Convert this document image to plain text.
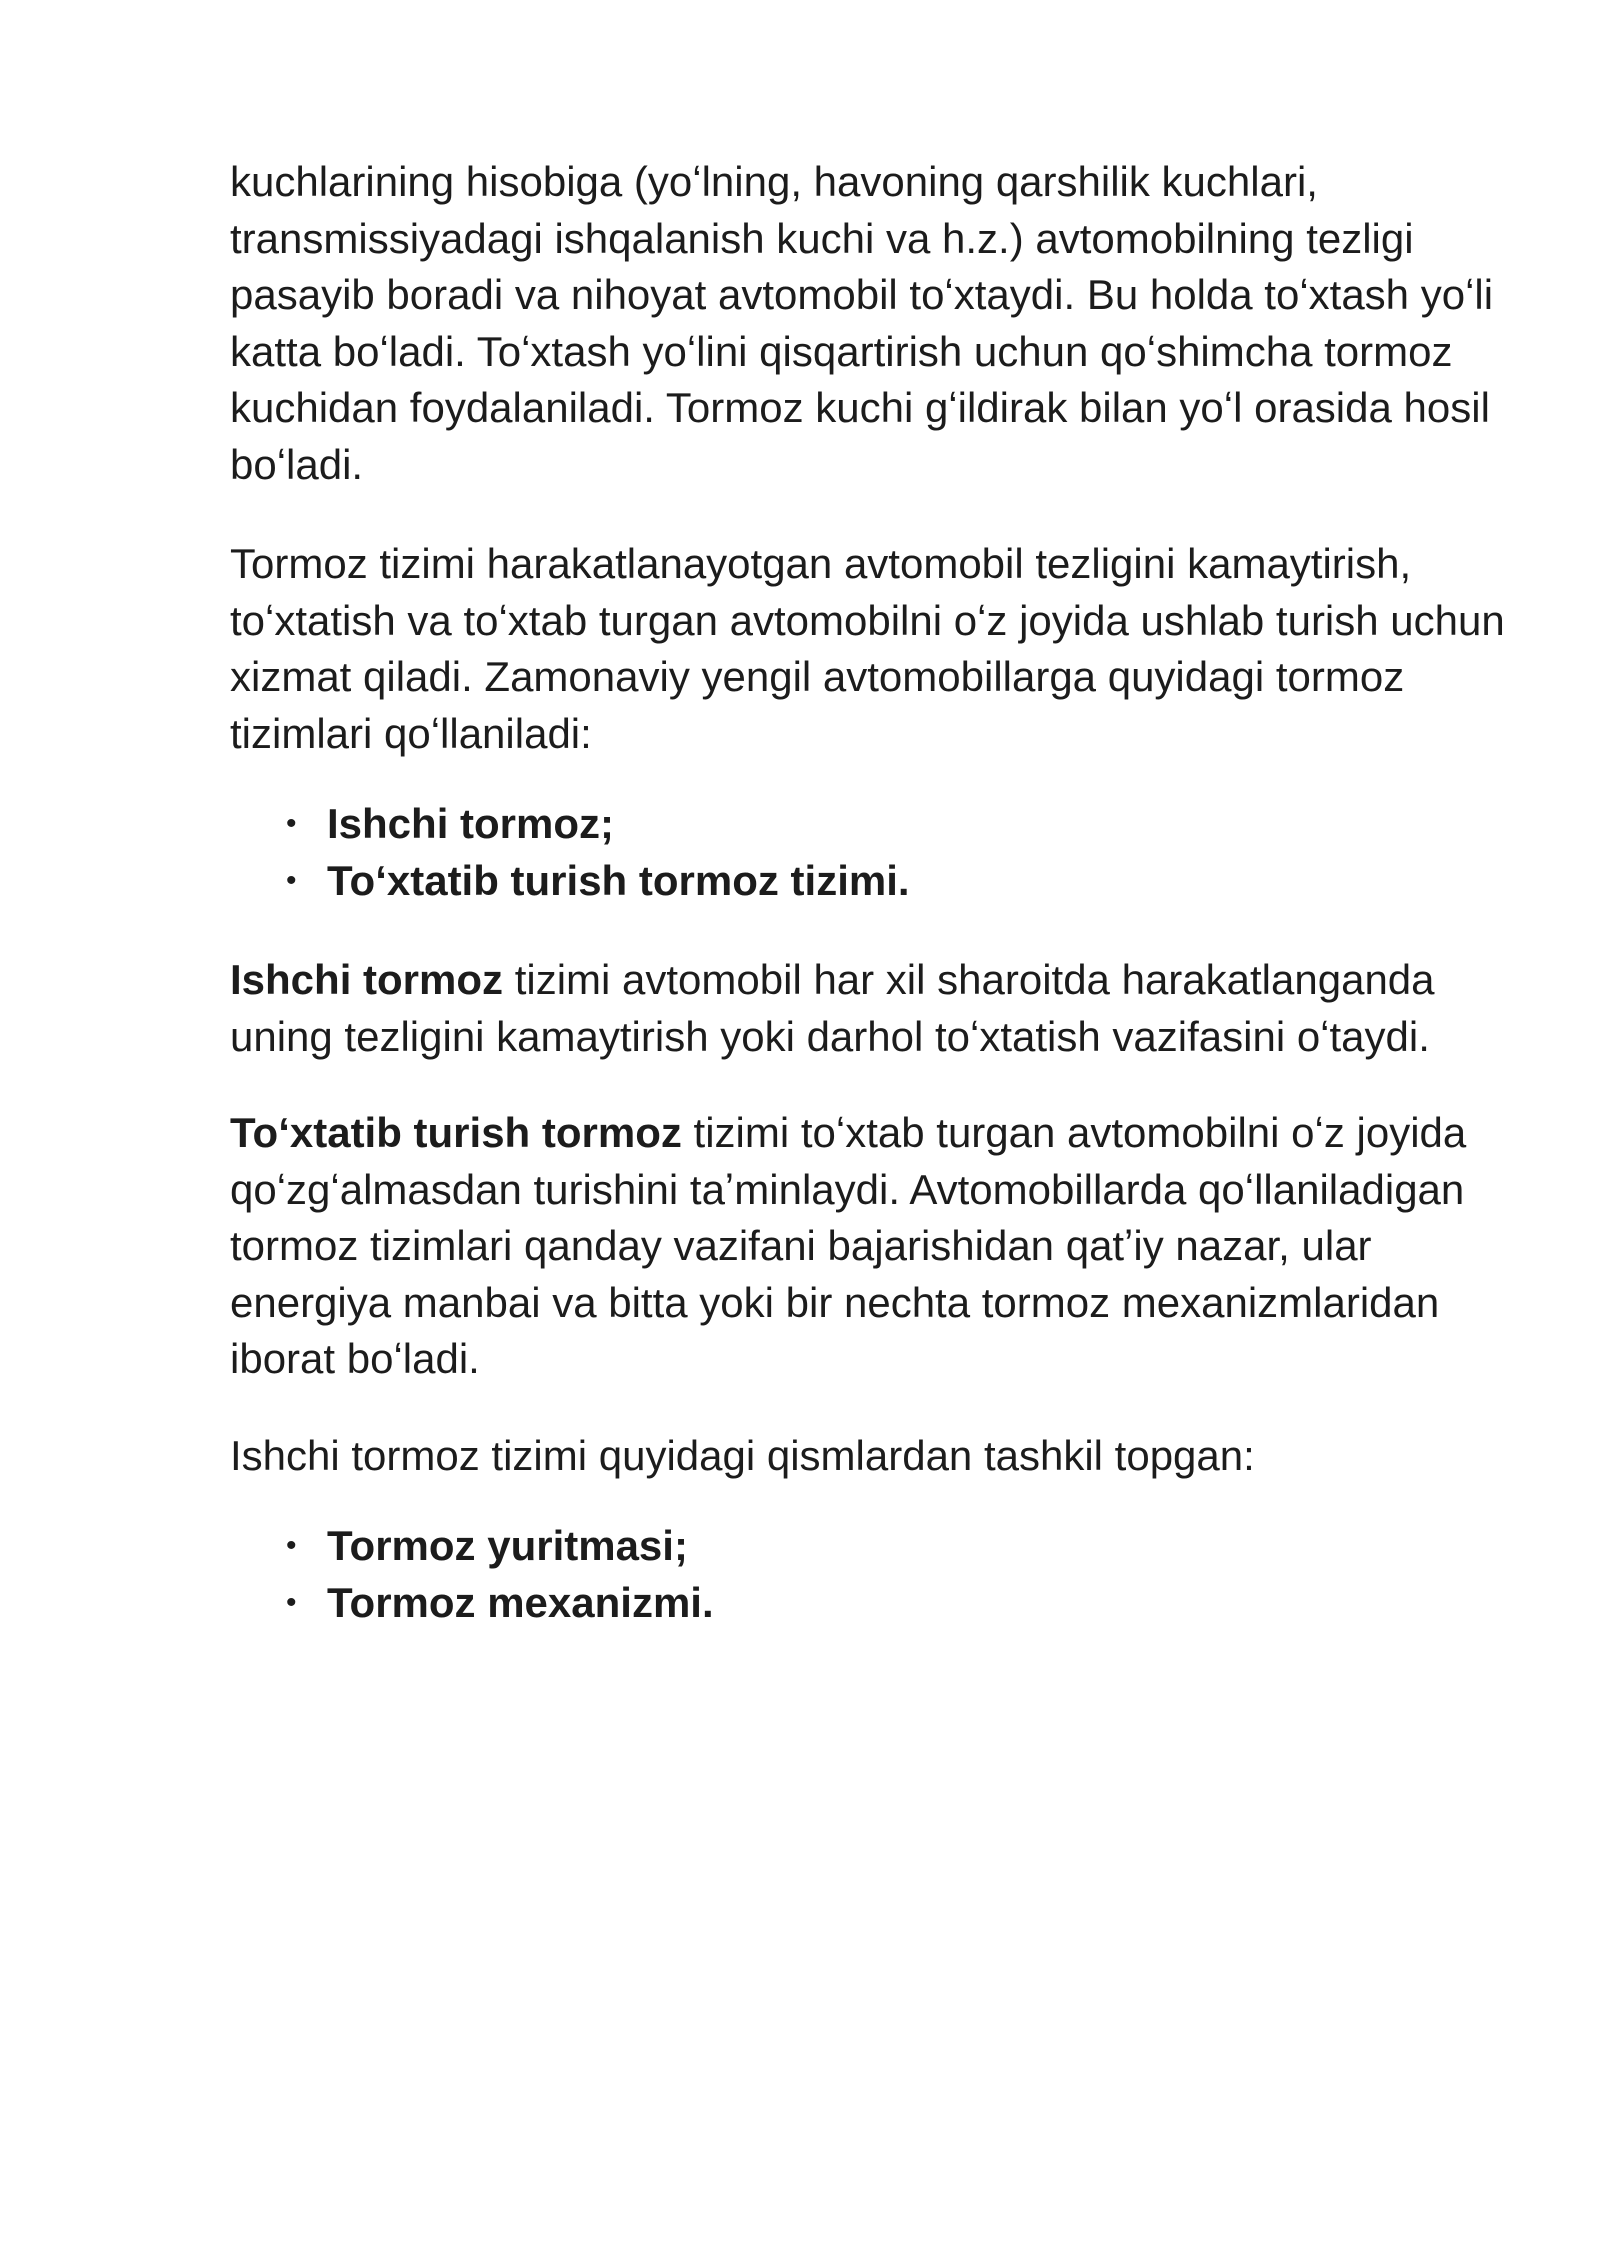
kuchlarining hisobiga (yoʻlning, havoning qarshilik kuchlari, transmissiyadagi ishqalanish kuchi va h.z.) avtomobilning tezligi pasayib boradi va nihoyat avtomobil toʻxtaydi. Bu holda toʻxtash yoʻli katta boʻladi. Toʻxtash yoʻlini qisqartirish uchun qoʻshimcha tormoz kuchidan foydalaniladi. Tormoz kuchi gʻildirak bilan yoʻl orasida hosil boʻladi.

Tormoz tizimi harakatlanayotgan avtomobil tezligini kamaytirish, toʻxtatish va toʻxtab turgan avtomobilni oʻz joyida ushlab turish uchun xizmat qiladi. Zamonaviy yengil avtomobillarga quyidagi tormoz tizimlari qoʻllaniladi:

• Ishchi tormoz;
• Toʻxtatib turish tormoz tizimi.

Ishchi tormoz tizimi avtomobil har xil sharoitda harakatlanganda uning tezligini kamaytirish yoki darhol toʻxtatish vazifasini oʻtaydi.

Toʻxtatib turish tormoz tizimi toʻxtab turgan avtomobilni oʻz joyida qoʻzgʻalmasdan turishini taʼminlaydi. Avtomobillarda qoʻllaniladigan tormoz tizimlari qanday vazifani bajarishidan qatʼiy nazar, ular energiya manbai va bitta yoki bir nechta tormoz mexanizmlaridan iborat boʻladi.

Ishchi tormoz tizimi quyidagi qismlardan tashkil topgan:

• Tormoz yuritmasi;
• Tormoz mexanizmi.
